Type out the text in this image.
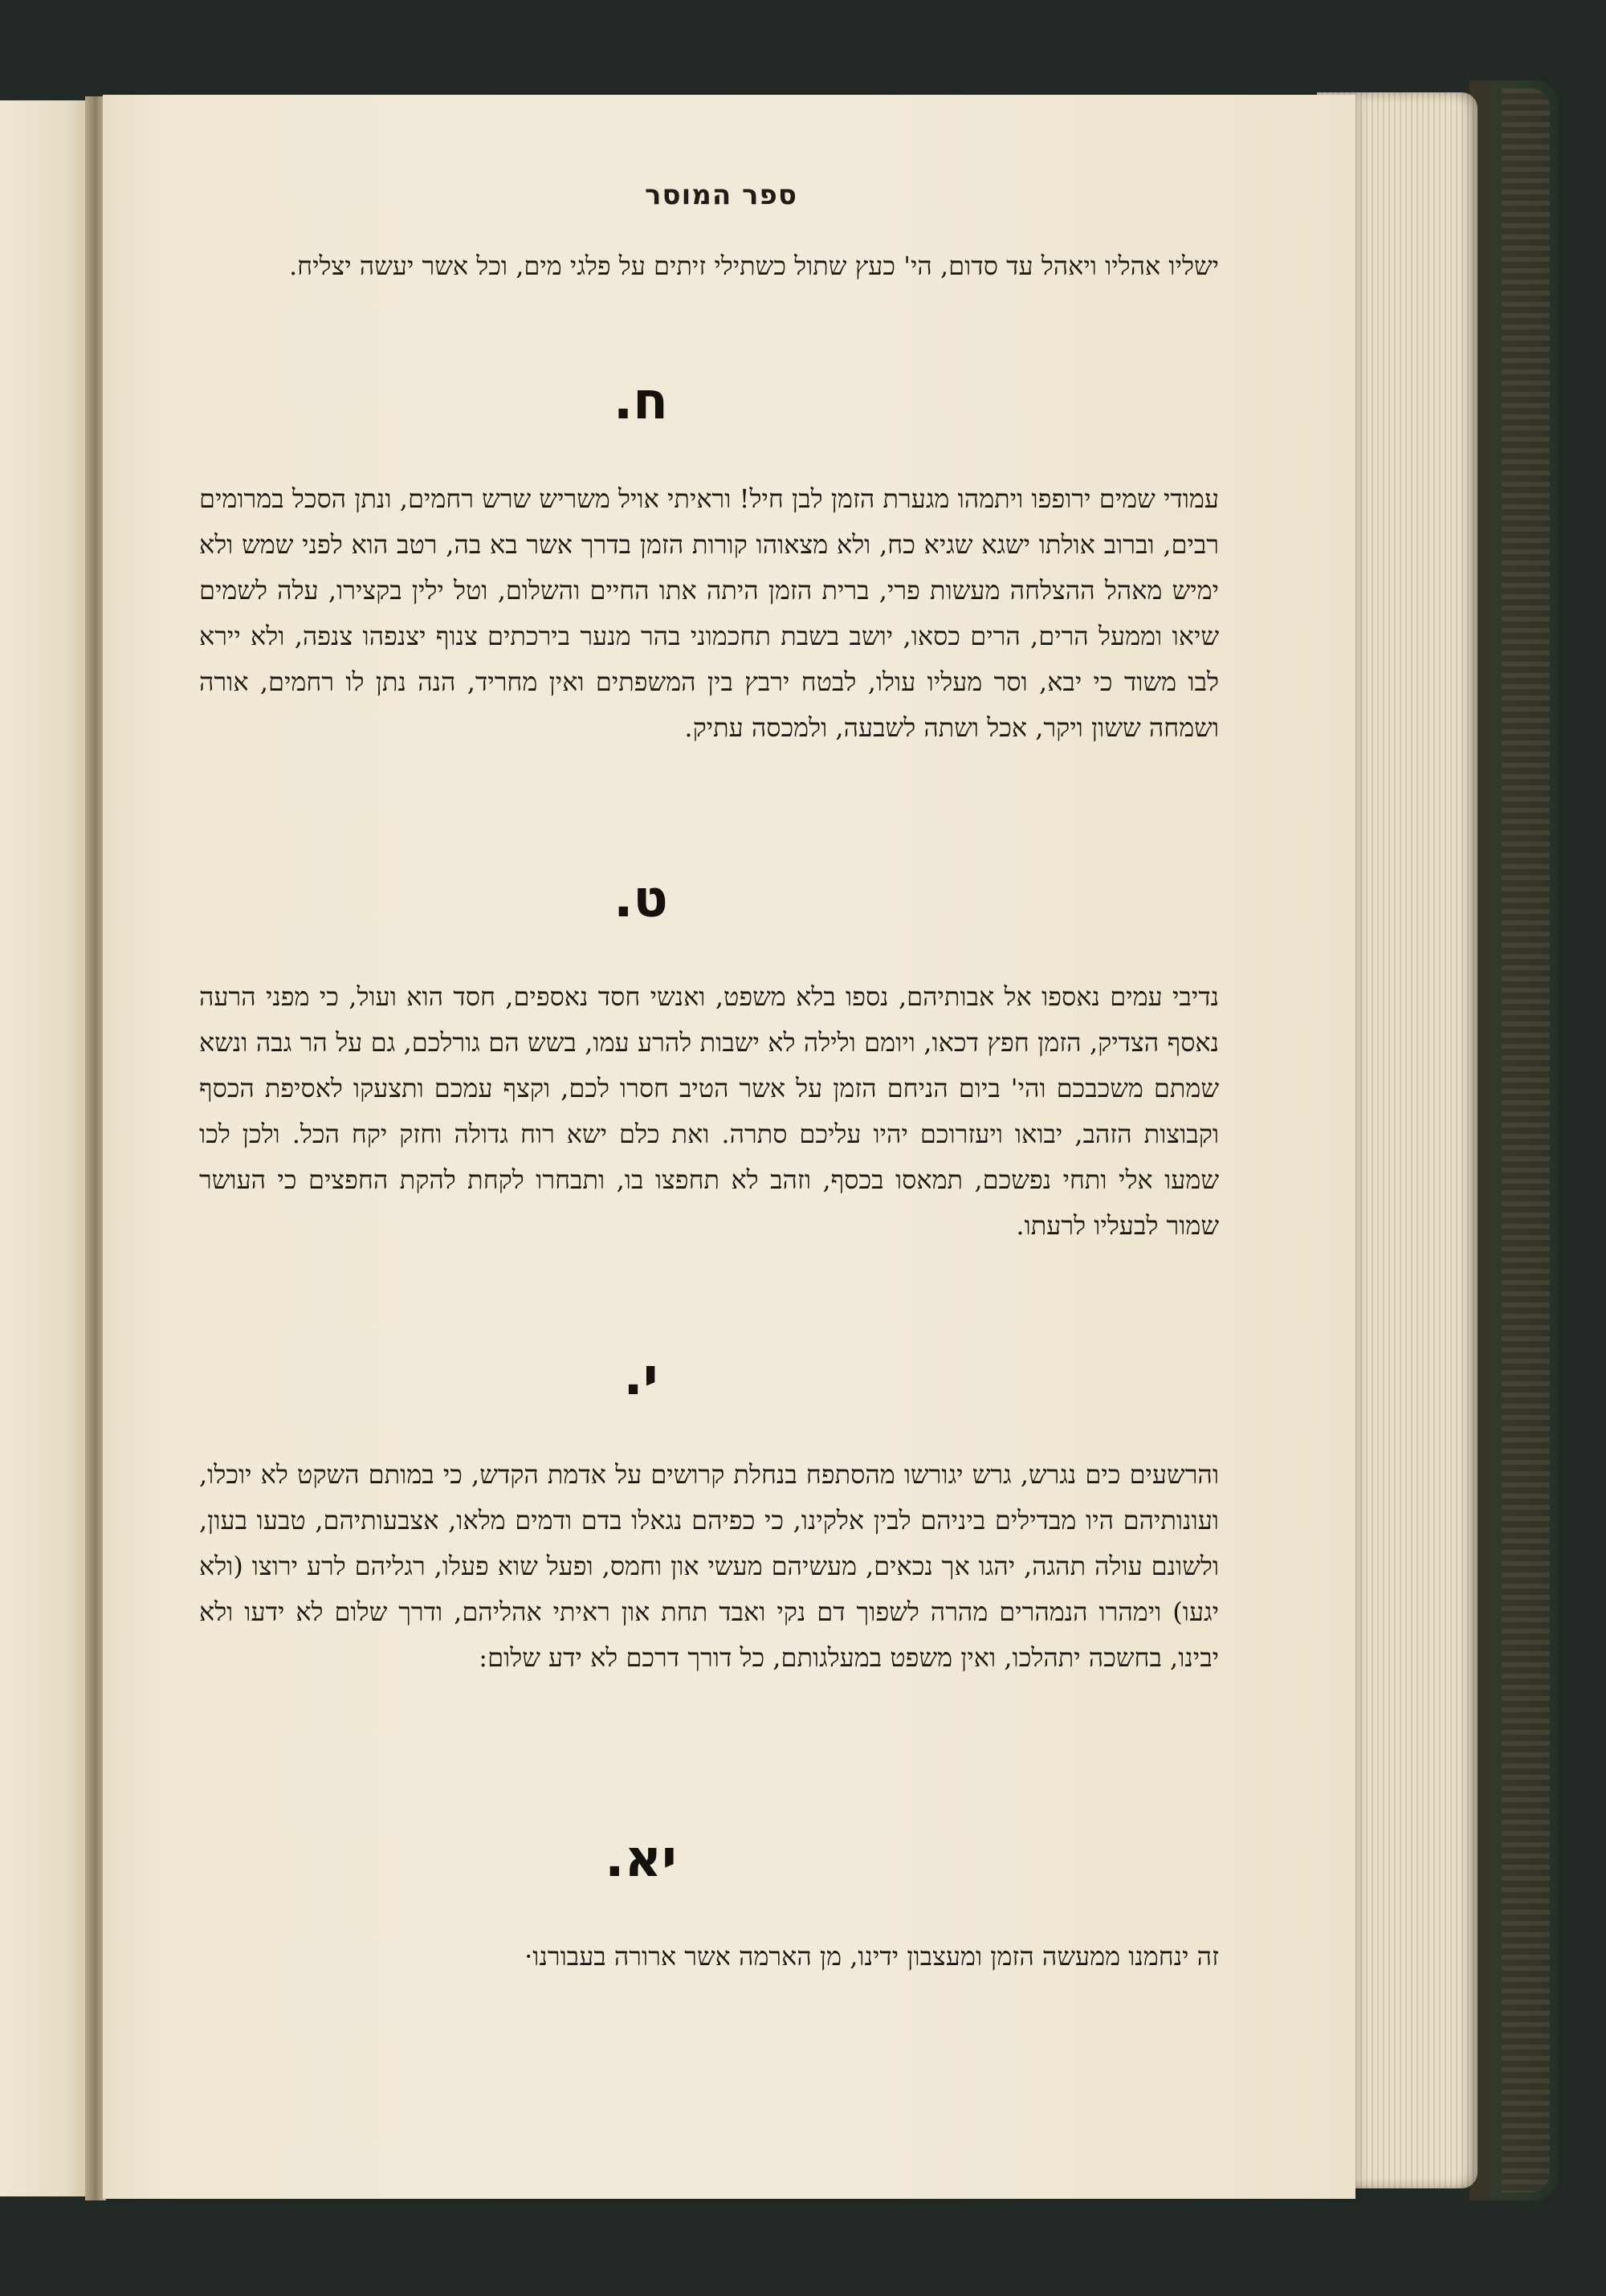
ספר המוסר

ישליו אהליו ויאהל עד סדום, הי' כעץ שתול כשתילי זיתים על פלגי מים, וכל אשר יעשה יצליח.

ח.

עמודי שמים ירופפו ויתמהו מגערת הזמן לבן חיל! וראיתי אויל משריש שרש רחמים, ונתן הסכל במרומים רבים, וברוב אולתו ישגא שגיא כח, ולא מצאוהו קורות הזמן בדרך אשר בא בה, רטב הוא לפני שמש ולא ימיש מאהל ההצלחה מעשות פרי, ברית הזמן היתה אתו החיים והשלום, וטל ילין בקצירו, עלה לשמים שיאו וממעל הרים, הרים כסאו, יושב בשבת תחכמוני בהר מנער בירכתים צנוף יצנפהו צנפה, ולא יירא לבו משוד כי יבא, וסר מעליו עולו, לבטח ירבץ בין המשפתים ואין מחריד, הנה נתן לו רחמים, אורה ושמחה ששון ויקר, אכל ושתה לשבעה, ולמכסה עתיק.

ט.

נדיבי עמים נאספו אל אבותיהם, נספו בלא משפט, ואנשי חסד נאספים, חסד הוא ועול, כי מפני הרעה נאסף הצדיק, הזמן חפץ דכאו, ויומם ולילה לא ישבות להרע עמו, בשש הם גורלכם, גם על הר גבה ונשא שמתם משכבכם והי' ביום הניחם הזמן על אשר הטיב חסרו לכם, וקצף עמכם ותצעקו לאסיפת הכסף וקבוצות הזהב, יבואו ויעזרוכם יהיו עליכם סתרה. ואת כלם ישא רוח גדולה וחזק יקח הכל. ולכן לכו שמעו אלי ותחי נפשכם, תמאסו בכסף, וזהב לא תחפצו בו, ותבחרו לקחת להקת החפצים כי העושר שמור לבעליו לרעתו.

י.

והרשעים כים נגרש, גרש יגורשו מהסתפח בנחלת קרושים על אדמת הקדש, כי במותם השקט לא יוכלו, ועונותיהם היו מבדילים ביניהם לבין אלקינו, כי כפיהם נגאלו בדם ודמים מלאו, אצבעותיהם, טבעו בעון, ולשונם עולה תהגה, יהגו אך נכאים, מעשיהם מעשי און וחמס, ופעל שוא פעלו, רגליהם לרע ירוצו (ולא יגעו) וימהרו הנמהרים מהרה לשפוך דם נקי ואבד תחת און ראיתי אהליהם, ודרך שלום לא ידעו ולא יבינו, בחשכה יתהלכו, ואין משפט במעלגותם, כל דורך דרכם לא ידע שלום:

יא.

זה ינחמנו ממעשה הזמן ומעצבון ידינו, מן הארמה אשר ארורה בעבורנו·
